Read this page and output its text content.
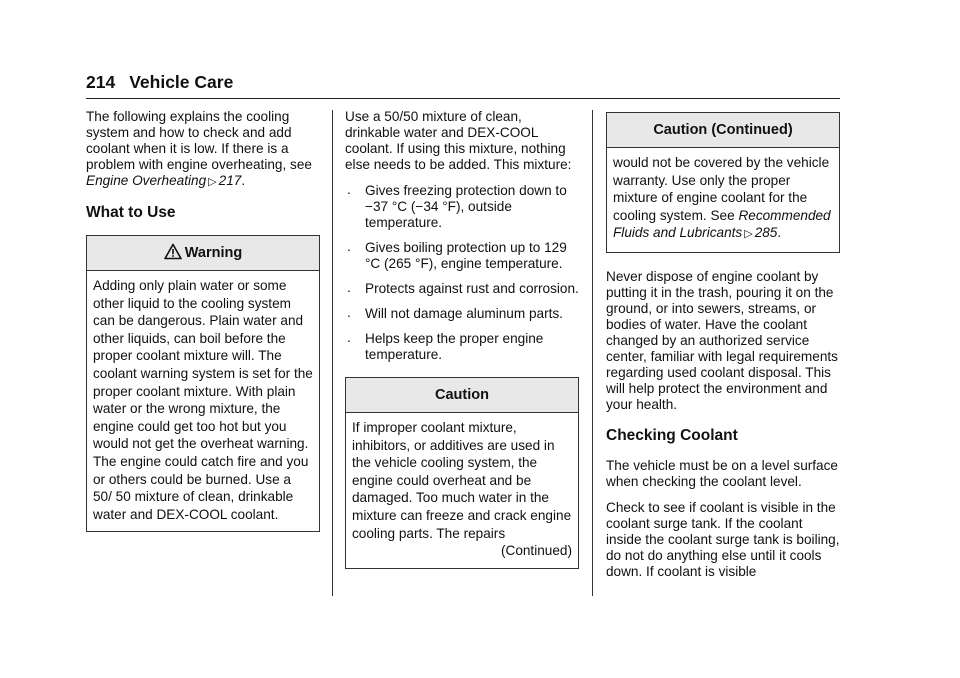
214 Vehicle Care

The following explains the cooling system and how to check and add coolant when it is low. If there is a problem with engine overheating, see Engine Overheating ▷ 217.

What to Use
Warning
Adding only plain water or some other liquid to the cooling system can be dangerous. Plain water and other liquids, can boil before the proper coolant mixture will. The coolant warning system is set for the proper coolant mixture. With plain water or the wrong mixture, the engine could get too hot but you would not get the overheat warning. The engine could catch fire and you or others could be burned. Use a 50/ 50 mixture of clean, drinkable water and DEX-COOL coolant.

Use a 50/50 mixture of clean, drinkable water and DEX-COOL coolant. If using this mixture, nothing else needs to be added. This mixture:

. Gives freezing protection down to −37 °C (−34 °F), outside temperature.
. Gives boiling protection up to 129 °C (265 °F), engine temperature.
. Protects against rust and corrosion.
. Will not damage aluminum parts.
. Helps keep the proper engine temperature.
Caution
If improper coolant mixture, inhibitors, or additives are used in the vehicle cooling system, the engine could overheat and be damaged. Too much water in the mixture can freeze and crack engine cooling parts. The repairs
(Continued)
Caution (Continued)
would not be covered by the vehicle warranty. Use only the proper mixture of engine coolant for the cooling system. See Recommended Fluids and Lubricants ▷ 285.

Never dispose of engine coolant by putting it in the trash, pouring it on the ground, or into sewers, streams, or bodies of water. Have the coolant changed by an authorized service center, familiar with legal requirements regarding used coolant disposal. This will help protect the environment and your health.

Checking Coolant

The vehicle must be on a level surface when checking the coolant level.

Check to see if coolant is visible in the coolant surge tank. If the coolant inside the coolant surge tank is boiling, do not do anything else until it cools down. If coolant is visible
